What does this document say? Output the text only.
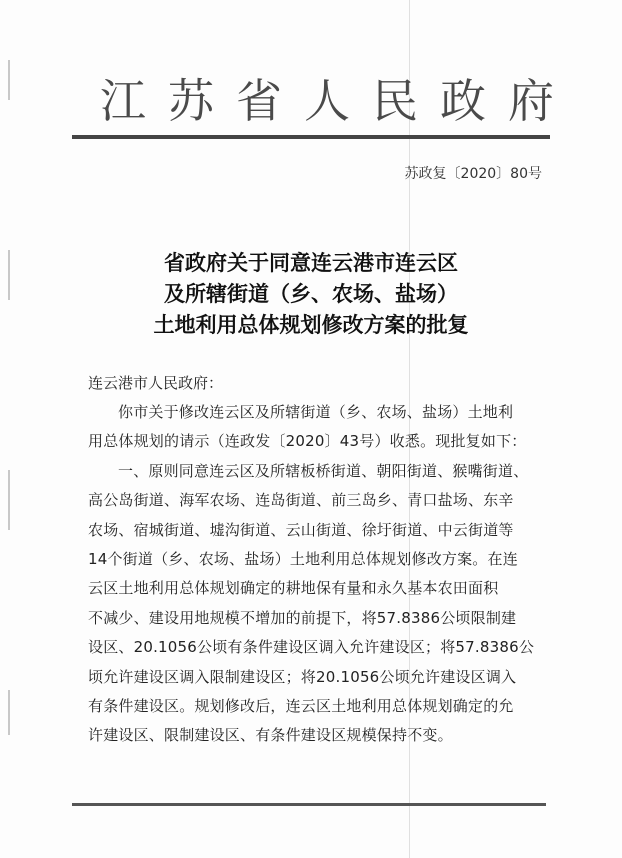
江苏省人民政府
苏政复〔2020〕80号
省政府关于同意连云港市连云区
及所辖街道（乡、农场、盐场）
土地利用总体规划修改方案的批复
连云港市人民政府：

你市关于修改连云区及所辖街道（乡、农场、盐场）土地利
用总体规划的请示（连政发〔2020〕43号）收悉。现批复如下：

一、原则同意连云区及所辖板桥街道、朝阳街道、猴嘴街道、
高公岛街道、海军农场、连岛街道、前三岛乡、青口盐场、东辛
农场、宿城街道、墟沟街道、云山街道、徐圩街道、中云街道等
14个街道（乡、农场、盐场）土地利用总体规划修改方案。在连
云区土地利用总体规划确定的耕地保有量和永久基本农田面积
不减少、建设用地规模不增加的前提下，将57.8386公顷限制建
设区、20.1056公顷有条件建设区调入允许建设区；将57.8386公
顷允许建设区调入限制建设区；将20.1056公顷允许建设区调入
有条件建设区。规划修改后，连云区土地利用总体规划确定的允
许建设区、限制建设区、有条件建设区规模保持不变。
